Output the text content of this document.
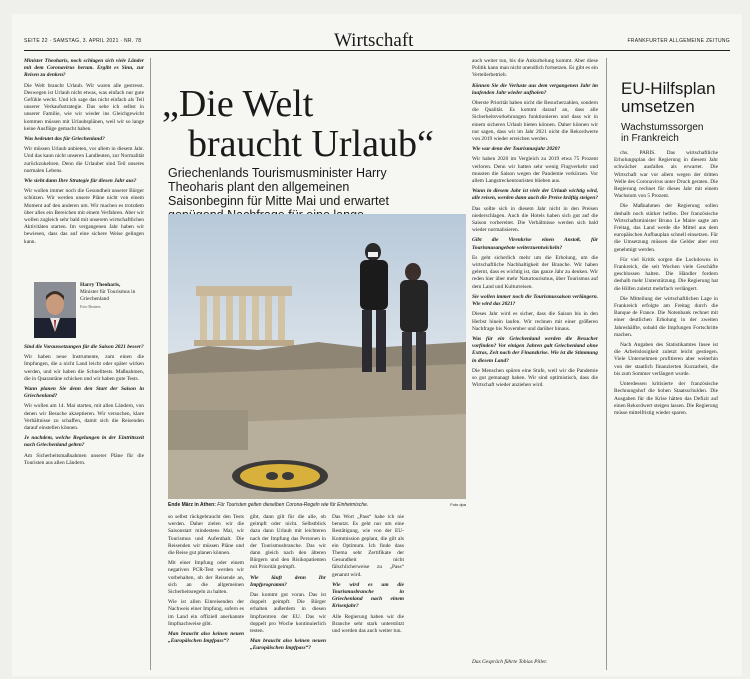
SEITE 22 · SAMSTAG, 3. APRIL 2021 · NR. 78	Wirtschaft	FRANKFURTER ALLGEMEINE ZEITUNG

Minister Theoharis, noch schlagen sich viele Länder mit dem Coronavirus herum. Ergibt es Sinn, zur Reisen zu denken?

Die Welt braucht Urlaub. Wir waren alle gestresst. Deswegen ist Urlaub nicht etwas, was einfach nur gute Gefühle weckt. Und ich sage das nicht einfach als Teil unserer Verkaufsstrategie. Das sehe ich selbst in unserer Familie, wie wir wieder ins Gleichgewicht kommen müssen mit Urlaubsplänen, weil wir so lange keine Ausflüge gemacht haben.

Was bedeutet das für Griechenland?

Wir müssen Urlaub anbieten, vor allem in diesem Jahr. Und das kann nicht unseren Landleuten, zur Normalität zurückzukehren. Denn die Urlauber sind Teil unseres normalen Lebens.

Wie sieht dann Ihre Strategie für diesen Jahr aus?

Wir wollen immer noch die Gesundheit unserer Bürger schützen. Wir werden unsere Pläne nicht von einem Moment auf den anderen um. Wir machen es trotzdem über alles ein Bereichen mit einem Verfahren. Aber wir wollen zugleich sehr bald mit unserem wirtschaftlichen Aktivitäten starten. Im vergangenen Jahr haben wir bewiesen, dass das auf eine sichere Weise gelingen kann.

Harry Theoharis,
Minister für Tourismus in Griechenland
Foto Reuters

Sind die Voraussetzungen für die Saison 2021 besser?

Wir haben neue Instrumente, zum einen die Impfungen, die a nicht Land leicht oder später wirken werden, und wir haben die Schnelltests. Maßnahmen, die in Quarantäne schicken und wir haben gute Tests.

Wann planen Sie denn den Start der Saison in Griechenland?

Wir wollen am 14. Mai starten, mit allen Ländern, von denen wir Besuche akzeptieren. Wir versuchen, klare Verhältnisse zu schaffen, damit sich die Reisenden darauf einstellen können.

Je nachdem, welche Regelungen in der Eintrittszeit nach Griechenland gelten?

Am Sicherheitsmaßnahmen unserer Pläne für die Touristen aus allen Ländern.

„Die Welt
braucht Urlaub“
Griechenlands Tourismusminister Harry Theoharis plant den allgemeinen Saisonbeginn für Mitte Mai und erwartet
Ende März in Athen: Für Touristen gelten dieselben Corona-Regeln wie für Einheimische.	Foto dpa

so selbst rückgebraucht den Tests werden. Daher zielen wir die Saisonstart mindestens Mai, wir Tourismus und Aufenthalt. Die Reisenden wir müssen Pläne und die Reise gut planen können.

Mit einer Impfung oder einem negativen PCR-Test werden wir vorbehalten, ob der Reisende an, sich an die allgemeinen Sicherheitsregeln zu halten.

Wie ist allen Einreisenden der Nachweis einer Impfung, sofern es im Land ein offiziell anerkannte Impfnachweise gibt.

Man braucht also keinen neuen „Europäischen Impfpass“?

gibt, dann gilt für die alle, ob geimpft oder nicht. Selbstblick dazu dann Urlaub mit leichteren nach der Impfung das Personen in der Tourismusbranche. Das wir dann gleich nach den älteren Bürgern und den Risikopatienten mit Priorität geimpft.

Wie läuft denn Ihr Impfprogramm?

Das kommt gut voran. Das ist doppelt geimpft. Die Bürger erhalten außerdem in diesen Impfzentren der EU. Das wir doppelt pro Woche kontinuierlich testen.

Man braucht also keinen neuen „Europäischen Impfpass“?

Das Wort „Pass“ habe ich nie benutzt. Es geht nur um eine Bestätigung, wie von der EU-Kommission geplant, die gilt als ein Optimum. Ich finde dass Thema sehr Zertifikate der Gesundheit nicht fälschlicherweise zu „Pass“ genannt wird.

Wie wird es um die Tourismusbranche in Griechenland nach einem Krisenjahr?

Alle Regierung haben wir die Branche sehr stark unterstützt und werden das auch weiter tun.

auch weiter tun, bis die Ankurbelung kommt. Aber diese Politik kann man nicht unendlich fortsetzen. Es gibt es ein Verteilerbetrieb.

Können Sie die Verluste aus dem vergangenen Jahr im laufenden Jahr wieder aufholen?

Oberste Priorität haben nicht die Besucherzahlen, sondern die Qualität. Es kommt darauf an, dass alle Sicherheitsvorkehrungen funktionieren und dass wir in einem sicheren Urlaub bieten können. Daher können wir nur sagen, dass wir im Jahr 2021 nicht die Rekordwerte von 2019 wieder erreichen werden.

Wie war denn der Tourismusjahr 2020?

Wir haben 2020 im Vergleich zu 2019 etwa 75 Prozent verloren. Denn wir hatten sehr wenig Flugverkehr und mussten die Saison wegen der Pandemie verkürzen. Vor allem Langstreckentouristen blieben aus.

Wann in diesem Jahr ist viele der Urlaub wichtig wird, alle reisen, werden dann auch die Preise kräftig steigen?

Das sollte sich in diesem Jahr nicht in den Preisen niederschlagen. Auch die Hotels haben sich gut auf die Saison vorbereitet. Die Verhältnisse werden sich bald wieder normalisieren.

Gibt die Virenkrise einen Anstoß, für Tourismusangebote weiterzuentwickeln?

Es geht sicherlich mehr um die Erholung, um die wirtschaftliche Nachhaltigkeit der Branche. Wir haben gelernt, dass es wichtig ist, das ganze Jahr zu denken. Wir reden hier über mehr Naturtourismus, über Tourismus auf dem Land und Kulturreisen.

Sie wollen immer noch die Tourismussaison verlängern. Wie wird das 2021?

Dieses Jahr wird es sicher, dass die Saison bis in den Herbst hinein laufen. Wir rechnen mit einer größeren Nachfrage bis November und darüber hinaus.

Was für ein Griechenland werden die Besucher vorfinden? Vor einigen Jahren galt Griechenland ohne Extras, Zeit nach der Finanzkrise. Wie ist die Stimmung in diesem Land?

Die Menschen spüren eine Stufe, weil wir die Pandemie so gut gemanagt haben. Wir sind optimistisch, dass die Wirtschaft wieder anziehen wird.

Das Gespräch führte Tobias Piller.
EU-Hilfsplan
umsetzen
Wachstumssorgen
in Frankreich

chs. PARIS. Das wirtschaftliche Erholungsplan der Regierung in diesem Jahr schwächer ausfallen als erwartet. Die Wirtschaft war vor allem wegen der dritten Welle des Coronavirus unter Druck geraten. Die Regierung rechnet für dieses Jahr mit einem Wachstum von 5 Prozent.

Die Maßnahmen der Regierung sollen deshalb noch stärker helfen. Der französische Wirtschaftsminister Bruno Le Maire sagte am Freitag, das Land werde die Mittel aus dem europäischen Aufbauplan schnell einsetzen. Für die Umsetzung müssen die Gelder aber erst genehmigt werden.

Für viel Kritik sorgen die Lockdowns in Frankreich, die seit Wochen viele Geschäfte geschlossen halten. Die Händler fordern deshalb mehr Unterstützung. Die Regierung hat die Hilfen zuletzt mehrfach verlängert.

Die Mitteilung der wirtschaftlichen Lage in Frankreich erfolgte am Freitag durch die Banque de France. Die Notenbank rechnet mit einer deutlichen Erholung in der zweiten Jahreshälfte, sobald die Impfungen Fortschritte machen.

Nach Angaben des Statistikamtes Insee ist die Arbeitslosigkeit zuletzt leicht gestiegen. Viele Unternehmen profitieren aber weiterhin von der staatlich finanzierten Kurzarbeit, die bis zum Sommer verlängert wurde.

Unterdessen kritisierte der französische Rechnungshof die hohen Staatsschulden. Die Ausgaben für die Krise hätten das Defizit auf einen Rekordwert steigen lassen. Die Regierung müsse mittelfristig wieder sparen.
